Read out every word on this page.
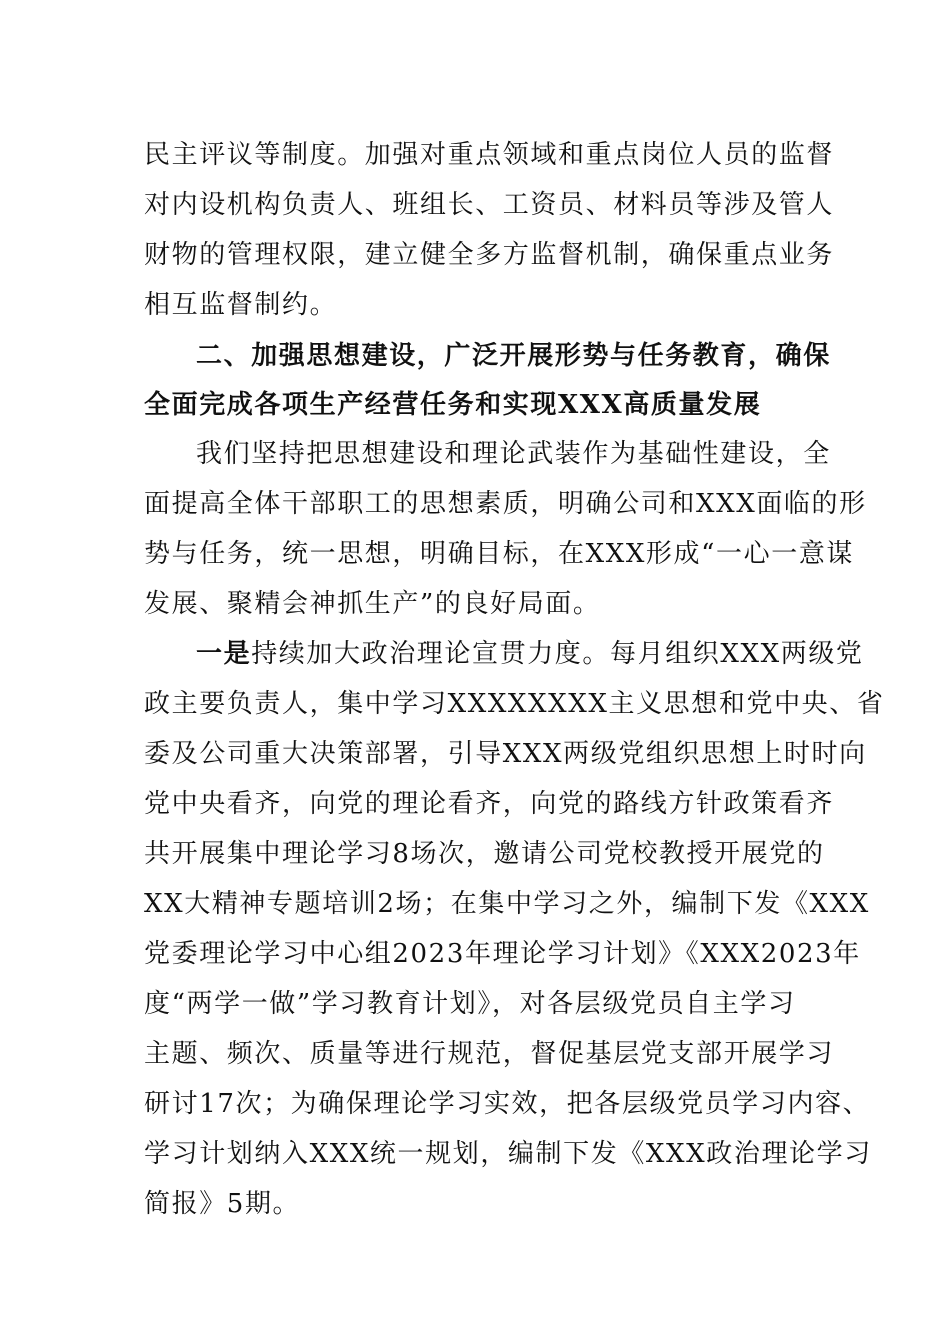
民主评议等制度。加强对重点领域和重点岗位人员的监督
对内设机构负责人、班组长、工资员、材料员等涉及管人
财物的管理权限，建立健全多方监督机制，确保重点业务
相互监督制约。
二、加强思想建设，广泛开展形势与任务教育，确保
全面完成各项生产经营任务和实现XXX高质量发展
我们坚持把思想建设和理论武装作为基础性建设，全
面提高全体干部职工的思想素质，明确公司和XXX面临的形
势与任务，统一思想，明确目标，在XXX形成“一心一意谋
发展、聚精会神抓生产”的良好局面。
一是持续加大政治理论宣贯力度。每月组织XXX两级党
政主要负责人，集中学习XXXXXXXX主义思想和党中央、省
委及公司重大决策部署，引导XXX两级党组织思想上时时向
党中央看齐，向党的理论看齐，向党的路线方针政策看齐
共开展集中理论学习8场次，邀请公司党校教授开展党的
XX大精神专题培训2场；在集中学习之外，编制下发《XXX
党委理论学习中心组2023年理论学习计划》《XXX2023年
度“两学一做”学习教育计划》，对各层级党员自主学习
主题、频次、质量等进行规范，督促基层党支部开展学习
研讨17次；为确保理论学习实效，把各层级党员学习内容、
学习计划纳入XXX统一规划，编制下发《XXX政治理论学习
简报》5期。
